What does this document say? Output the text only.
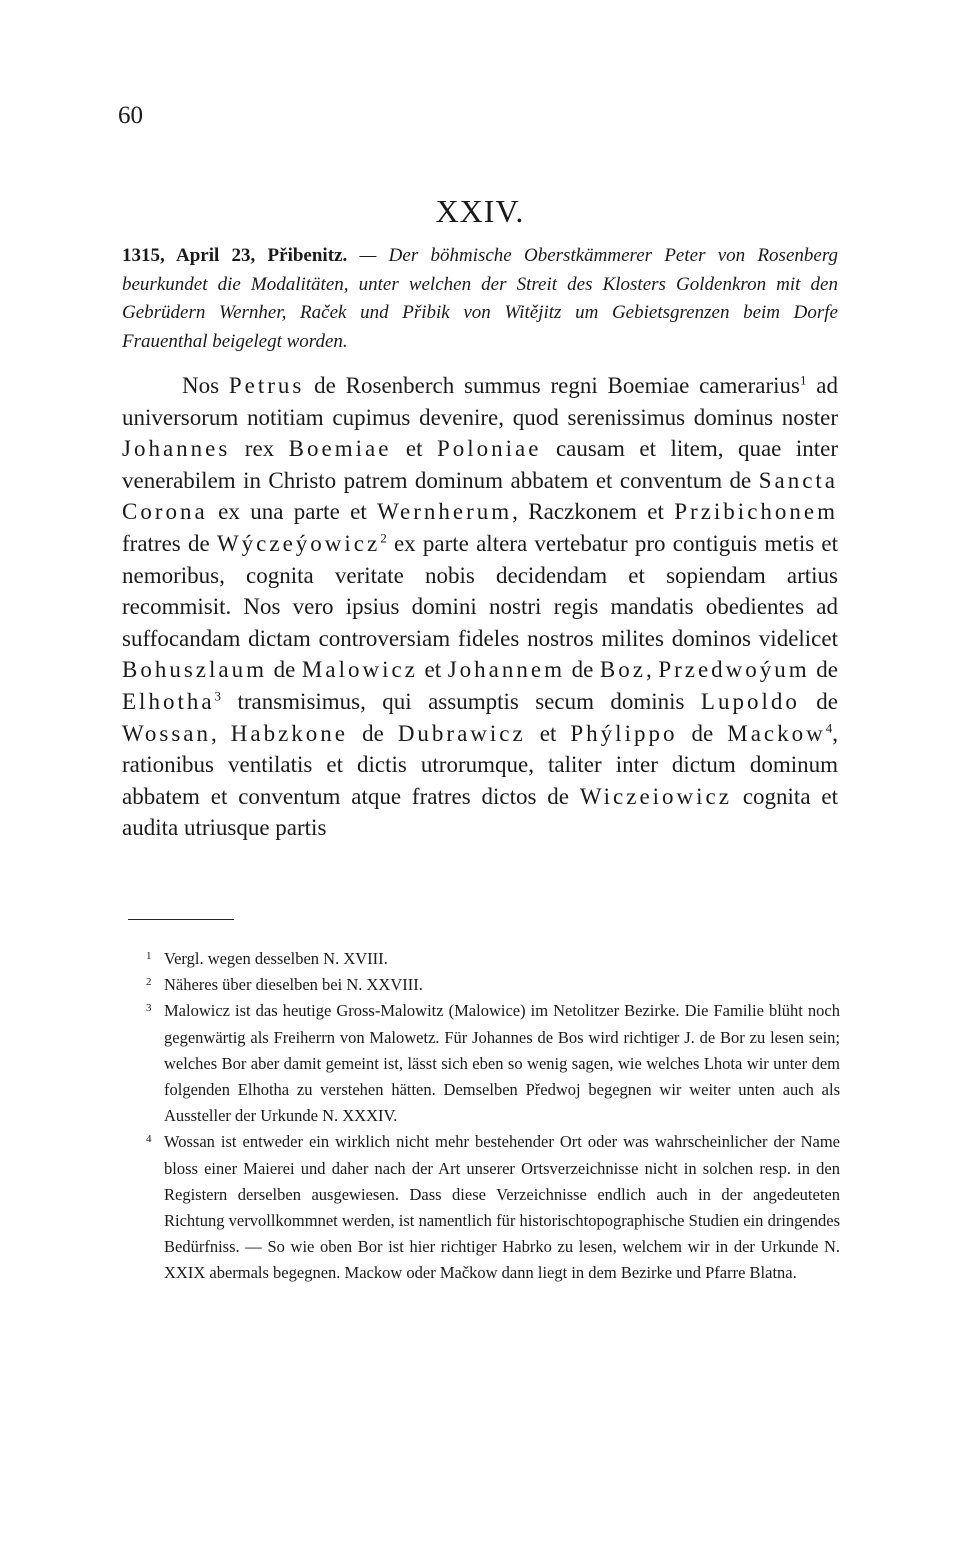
60
XXIV.
1315, April 23, Přibenitz. — Der böhmische Oberstkämmerer Peter von Rosenberg beurkundet die Modalitäten, unter welchen der Streit des Klosters Goldenkron mit den Gebrüdern Wernher, Raček und Přibik von Witějitz um Gebietsgrenzen beim Dorfe Frauenthal beigelegt worden.

Nos Petrus de Rosenberch summus regni Boemiae camerarius$^1$ ad universorum notitiam cupimus devenire, quod serenissimus dominus noster Johannes rex Boemiae et Poloniae causam et litem, quae inter venerabilem in Christo patrem dominum abbatem et conventum de Sancta Corona ex una parte et Wernherum, Raczkonem et Przibichonem fratres de Wýczeýowicz$^2$ ex parte altera vertebatur pro contiguis metis et nemoribus, cognita veritate nobis decidendam et sopiendam artius recommisit. Nos vero ipsius domini nostri regis mandatis obedientes ad suffocandam dictam controversiam fideles nostros milites dominos videlicet Bohuszlaum de Malowicz et Johannem de Boz, Przedwoýum de Elhotha$^3$ transmisimus, qui assumptis secum dominis Lupoldo de Wossan, Habzkone de Dubrawicz et Phýlippo de Mackow$^4$, rationibus ventilatis et dictis utrorumque, taliter inter dictum dominum abbatem et conventum atque fratres dictos de Wiczeiowicz cognita et audita utriusque partis

1 Vergl. wegen desselben N. XVIII.
2 Näheres über dieselben bei N. XXVIII.
3 Malowicz ist das heutige Gross-Malowitz (Malowice) im Netolitzer Bezirke. Die Familie blüht noch gegenwärtig als Freiherrn von Malowetz. Für Johannes de Bos wird richtiger J. de Bor zu lesen sein; welches Bor aber damit gemeint ist, lässt sich eben so wenig sagen, wie welches Lhota wir unter dem folgenden Elhotha zu verstehen hätten. Demselben Předwoj begegnen wir weiter unten auch als Aussteller der Urkunde N. XXXIV.
4 Wossan ist entweder ein wirklich nicht mehr bestehender Ort oder was wahrscheinlicher der Name bloss einer Maierei und daher nach der Art unserer Ortsverzeichnisse nicht in solchen resp. in den Registern derselben ausgewiesen. Dass diese Verzeichnisse endlich auch in der angedeuteten Richtung vervollkommnet werden, ist namentlich für historischtopographische Studien ein dringendes Bedürfniss. — So wie oben Bor ist hier richtiger Habrko zu lesen, welchem wir in der Urkunde N. XXIX abermals begegnen. Mackow oder Mačkow dann liegt in dem Bezirke und Pfarre Blatna.
